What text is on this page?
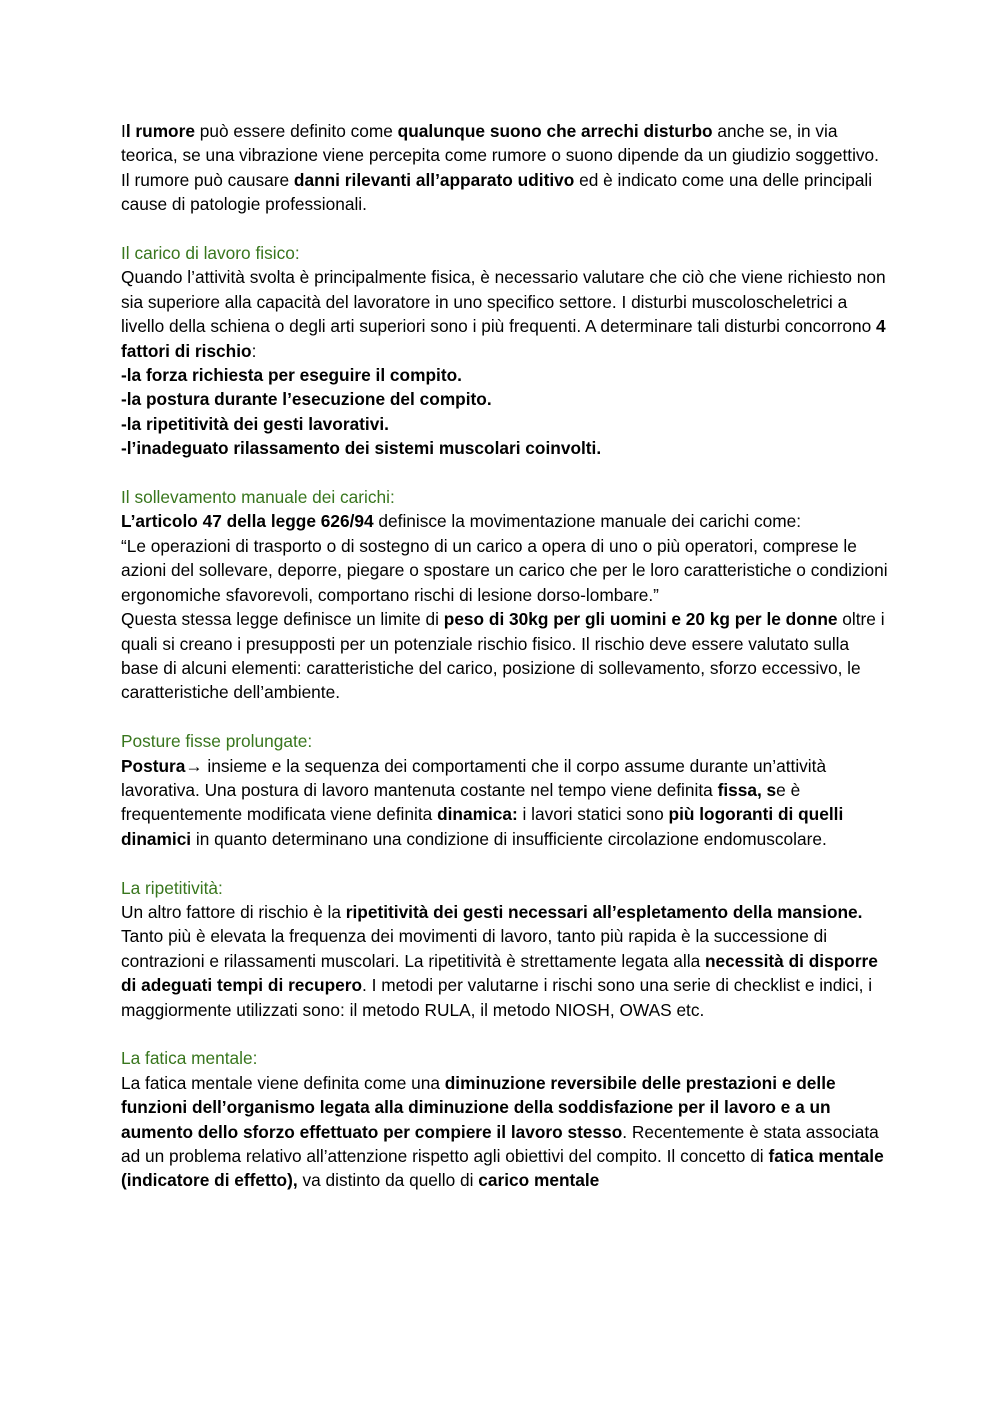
Il rumore può essere definito come qualunque suono che arrechi disturbo anche se, in via teorica, se una vibrazione viene percepita come rumore o suono dipende da un giudizio soggettivo. Il rumore può causare danni rilevanti all’apparato uditivo ed è indicato come una delle principali cause di patologie professionali.

Il carico di lavoro fisico:

Quando l’attività svolta è principalmente fisica, è necessario valutare che ciò che viene richiesto non sia superiore alla capacità del lavoratore in uno specifico settore. I disturbi muscoloscheletrici a livello della schiena o degli arti superiori sono i più frequenti. A determinare tali disturbi concorrono 4 fattori di rischio:

-la forza richiesta per eseguire il compito.

-la postura durante l’esecuzione del compito.

-la ripetitività dei gesti lavorativi.

-l’inadeguato rilassamento dei sistemi muscolari coinvolti.

Il sollevamento manuale dei carichi:

L’articolo 47 della legge 626/94 definisce la movimentazione manuale dei carichi come:

“Le operazioni di trasporto o di sostegno di un carico a opera di uno o più operatori, comprese le azioni del sollevare, deporre, piegare o spostare un carico che per le loro caratteristiche o condizioni ergonomiche sfavorevoli, comportano rischi di lesione dorso-lombare.”

Questa stessa legge definisce un limite di peso di 30kg per gli uomini e 20 kg per le donne oltre i quali si creano i presupposti per un potenziale rischio fisico. Il rischio deve essere valutato sulla base di alcuni elementi: caratteristiche del carico, posizione di sollevamento, sforzo eccessivo, le caratteristiche dell’ambiente.

Posture fisse prolungate:

Postura→ insieme e la sequenza dei comportamenti che il corpo assume durante un’attività lavorativa. Una postura di lavoro mantenuta costante nel tempo viene definita fissa, se è frequentemente modificata viene definita dinamica: i lavori statici sono più logoranti di quelli dinamici in quanto determinano una condizione di insufficiente circolazione endomuscolare.

La ripetitività:

Un altro fattore di rischio è la ripetitività dei gesti necessari all’espletamento della mansione. Tanto più è elevata la frequenza dei movimenti di lavoro, tanto più rapida è la successione di contrazioni e rilassamenti muscolari. La ripetitività è strettamente legata alla necessità di disporre di adeguati tempi di recupero. I metodi per valutarne i rischi sono una serie di checklist e indici, i maggiormente utilizzati sono: il metodo RULA, il metodo NIOSH, OWAS etc.

La fatica mentale:

La fatica mentale viene definita come una diminuzione reversibile delle prestazioni e delle funzioni dell’organismo legata alla diminuzione della soddisfazione per il lavoro e a un aumento dello sforzo effettuato per compiere il lavoro stesso. Recentemente è stata associata ad un problema relativo all’attenzione rispetto agli obiettivi del compito. Il concetto di fatica mentale (indicatore di effetto), va distinto da quello di carico mentale
